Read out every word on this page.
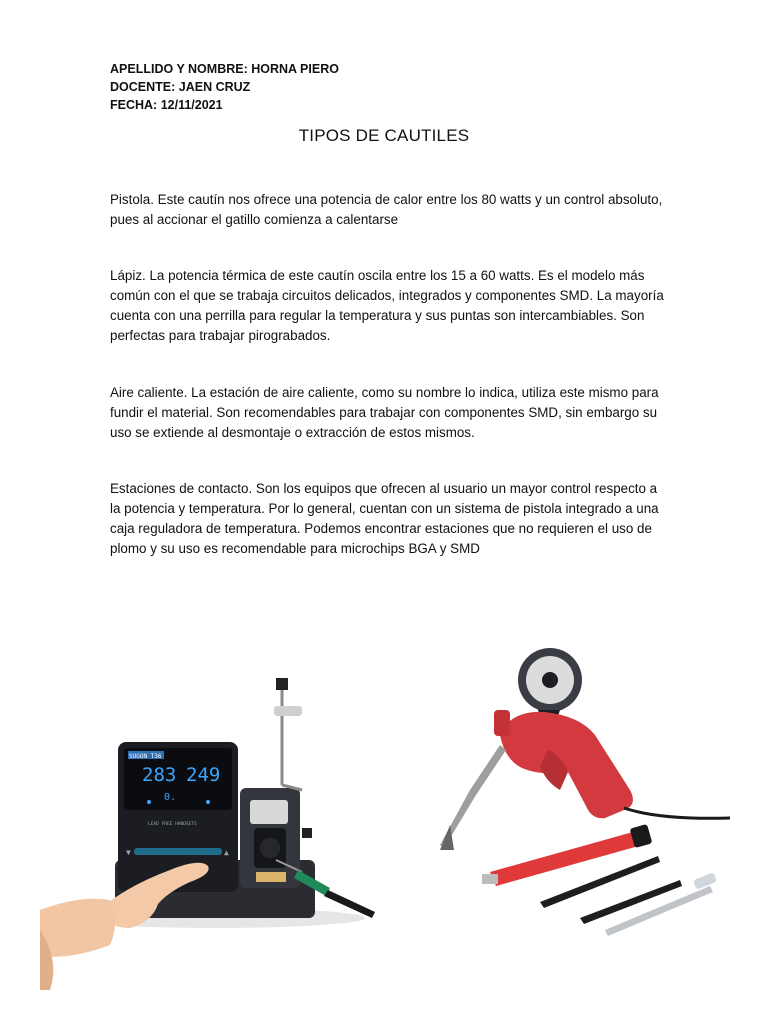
APELLIDO Y NOMBRE: HORNA PIERO
DOCENTE: JAEN CRUZ
FECHA: 12/11/2021
TIPOS DE CAUTILES

Pistola. Este cautín nos ofrece una potencia de calor entre los 80 watts y un control absoluto, pues al accionar el gatillo comienza a calentarse

Lápiz. La potencia térmica de este cautín oscila entre los 15 a 60 watts. Es el modelo más común con el que se trabaja circuitos delicados, integrados y componentes SMD. La mayoría cuenta con una perrilla para regular la temperatura y sus puntas son intercambiables. Son perfectas para trabajar pirograbados.

Aire caliente. La estación de aire caliente, como su nombre lo indica, utiliza este mismo para fundir el material. Son recomendables para trabajar con componentes SMD, sin embargo su uso se extiende al desmontaje o extracción de estos mismos.

Estaciones de contacto. Son los equipos que ofrecen al usuario un mayor control respecto a la potencia y temperatura. Por lo general, cuentan con un sistema de pistola integrado a una caja reguladora de temperatura. Podemos encontrar estaciones que no requieren el uso de plomo y su uso es recomendable para microchips BGA y SMD

SUGON T36
283 249
0.
LEAD FREE HANDSETS
▼	▲
